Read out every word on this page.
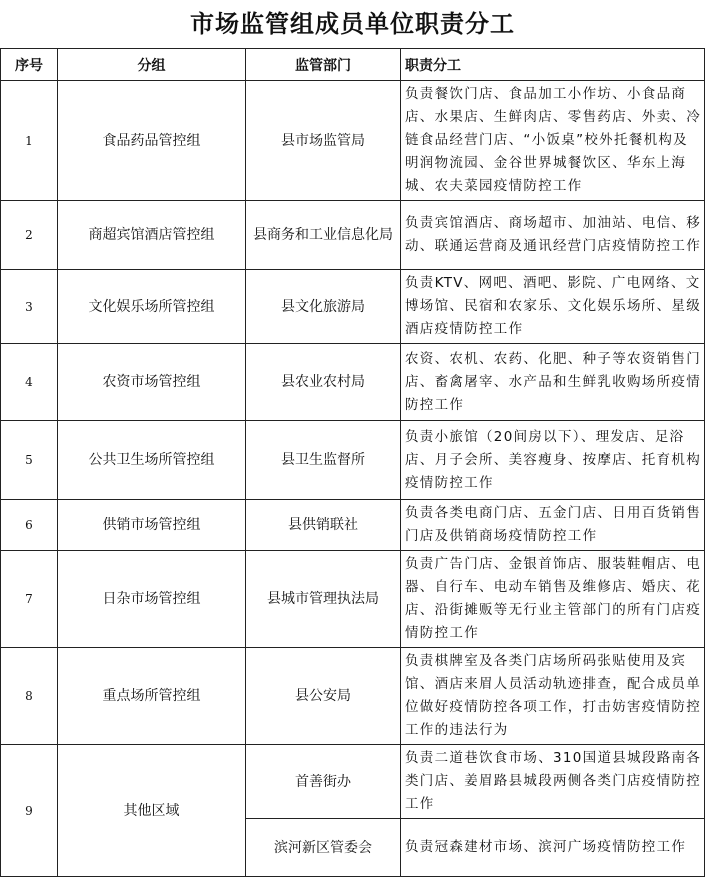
市场监管组成员单位职责分工
序号	分组	监管部门	职责分工
1	食品药品管控组	县市场监管局	负责餐饮门店、食品加工小作坊、小食品商店、水果店、生鲜肉店、零售药店、外卖、冷链食品经营门店、“小饭桌”校外托餐机构及明润物流园、金谷世界城餐饮区、华东上海城、农夫菜园疫情防控工作
2	商超宾馆酒店管控组	县商务和工业信息化局	负责宾馆酒店、商场超市、加油站、电信、移动、联通运营商及通讯经营门店疫情防控工作
3	文化娱乐场所管控组	县文化旅游局	负责KTV、网吧、酒吧、影院、广电网络、文博场馆、民宿和农家乐、文化娱乐场所、星级酒店疫情防控工作
4	农资市场管控组	县农业农村局	农资、农机、农药、化肥、种子等农资销售门店、畜禽屠宰、水产品和生鲜乳收购场所疫情防控工作
5	公共卫生场所管控组	县卫生监督所	负责小旅馆（20间房以下）、理发店、足浴店、月子会所、美容瘦身、按摩店、托育机构疫情防控工作
6	供销市场管控组	县供销联社	负责各类电商门店、五金门店、日用百货销售门店及供销商场疫情防控工作
7	日杂市场管控组	县城市管理执法局	负责广告门店、金银首饰店、服装鞋帽店、电器、自行车、电动车销售及维修店、婚庆、花店、沿街摊贩等无行业主管部门的所有门店疫情防控工作
8	重点场所管控组	县公安局	负责棋牌室及各类门店场所码张贴使用及宾馆、酒店来眉人员活动轨迹排查，配合成员单位做好疫情防控各项工作，打击妨害疫情防控工作的违法行为
9	其他区域	首善街办	负责二道巷饮食市场、310国道县城段路南各类门店、姜眉路县城段两侧各类门店疫情防控工作
		滨河新区管委会	负责冠森建材市场、滨河广场疫情防控工作
